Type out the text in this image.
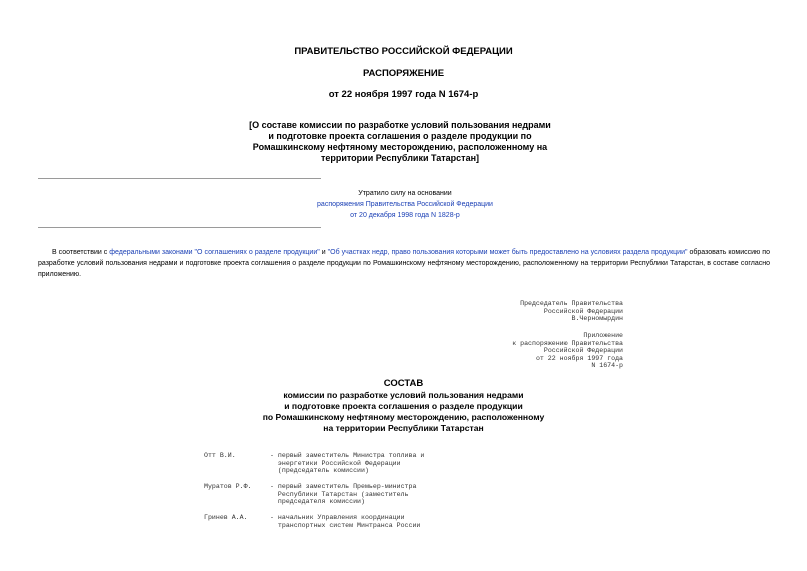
ПРАВИТЕЛЬСТВО РОССИЙСКОЙ ФЕДЕРАЦИИ
РАСПОРЯЖЕНИЕ
от 22 ноября 1997 года N 1674-р
[О составе комиссии по разработке условий пользования недрами
и подготовке проекта соглашения о разделе продукции по
Ромашкинскому нефтяному месторождению, расположенному на
территории Республики Татарстан]
Утратило силу на основании
распоряжения Правительства Российской Федерации
от 20 декабря 1998 года N 1828-р
В соответствии с федеральными законами "О соглашениях о разделе продукции" и "Об участках недр, право пользования которыми может быть предоставлено на условиях раздела продукции" образовать комиссию по разработке условий пользования недрами и подготовке проекта соглашения о разделе продукции по Ромашкинскому нефтяному месторождению, расположенному на территории Республики Татарстан, в составе согласно приложению.
Председатель Правительства
Российской Федерации
В.Черномырдин
Приложение
к распоряжению Правительства
Российской Федерации
от 22 ноября 1997 года
N 1674-р
СОСТАВ
комиссии по разработке условий пользования недрами
и подготовке проекта соглашения о разделе продукции
по Ромашкинскому нефтяному месторождению, расположенному
на территории Республики Татарстан
Отт В.И.	- первый заместитель Министра топлива и
энергетики Российской Федерации
(председатель комиссии)
Муратов Р.Ф.	- первый заместитель Премьер-министра
Республики Татарстан (заместитель
председателя комиссии)
Гринев А.А.	- начальник Управления координации
транспортных систем Минтранса России
